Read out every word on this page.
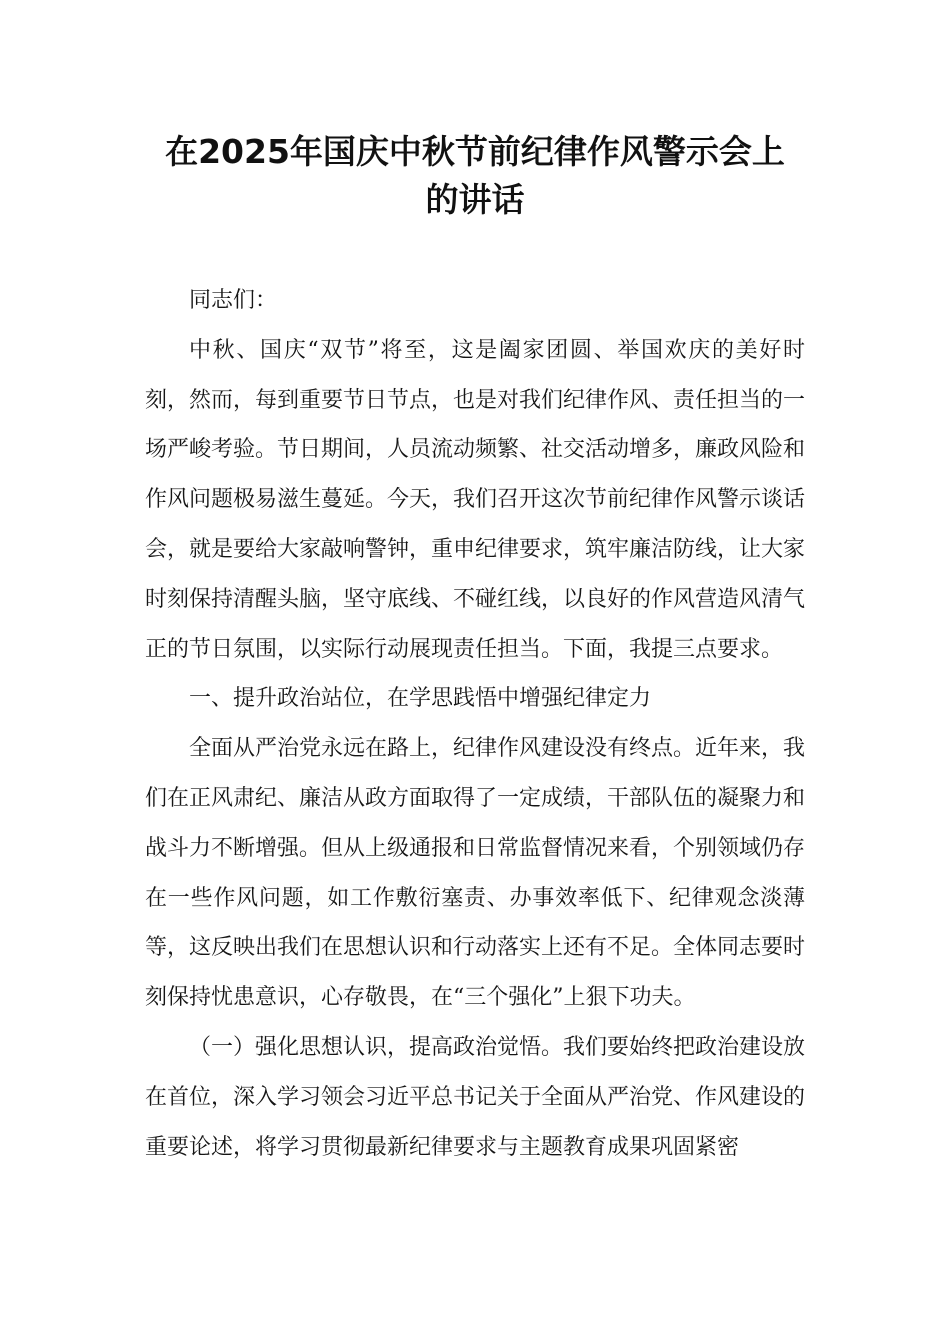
在2025年国庆中秋节前纪律作风警示会上
的讲话

同志们：

中秋、国庆“双节”将至，这是阖家团圆、举国欢庆的美好时刻，然而，每到重要节日节点，也是对我们纪律作风、责任担当的一场严峻考验。节日期间，人员流动频繁、社交活动增多，廉政风险和作风问题极易滋生蔓延。今天，我们召开这次节前纪律作风警示谈话会，就是要给大家敲响警钟，重申纪律要求，筑牢廉洁防线，让大家时刻保持清醒头脑，坚守底线、不碰红线，以良好的作风营造风清气正的节日氛围，以实际行动展现责任担当。下面，我提三点要求。

一、提升政治站位，在学思践悟中增强纪律定力

全面从严治党永远在路上，纪律作风建设没有终点。近年来，我们在正风肃纪、廉洁从政方面取得了一定成绩，干部队伍的凝聚力和战斗力不断增强。但从上级通报和日常监督情况来看，个别领域仍存在一些作风问题，如工作敷衍塞责、办事效率低下、纪律观念淡薄等，这反映出我们在思想认识和行动落实上还有不足。全体同志要时刻保持忧患意识，心存敬畏，在“三个强化”上狠下功夫。

（一）强化思想认识，提高政治觉悟。我们要始终把政治建设放在首位，深入学习领会习近平总书记关于全面从严治党、作风建设的重要论述，将学习贯彻最新纪律要求与主题教育成果巩固紧密
